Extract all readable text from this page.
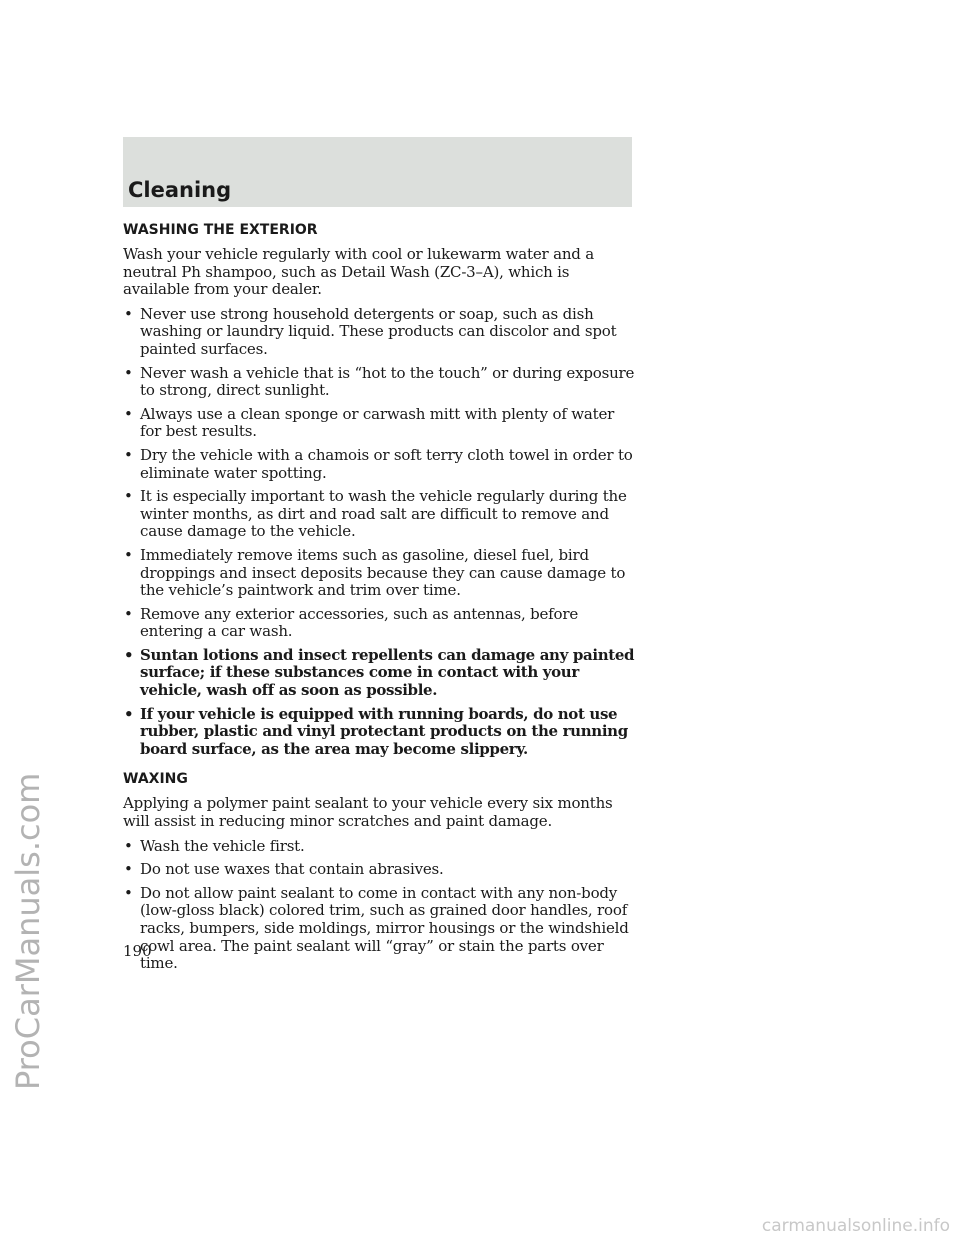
ProCarManuals.com
Cleaning
WASHING THE EXTERIOR

Wash your vehicle regularly with cool or lukewarm water and a neutral Ph shampoo, such as Detail Wash (ZC-3–A), which is available from your dealer.

• Never use strong household detergents or soap, such as dish washing or laundry liquid. These products can discolor and spot painted surfaces.
• Never wash a vehicle that is “hot to the touch” or during exposure to strong, direct sunlight.
• Always use a clean sponge or carwash mitt with plenty of water for best results.
• Dry the vehicle with a chamois or soft terry cloth towel in order to eliminate water spotting.
• It is especially important to wash the vehicle regularly during the winter months, as dirt and road salt are difficult to remove and cause damage to the vehicle.
• Immediately remove items such as gasoline, diesel fuel, bird droppings and insect deposits because they can cause damage to the vehicle’s paintwork and trim over time.
• Remove any exterior accessories, such as antennas, before entering a car wash.
• Suntan lotions and insect repellents can damage any painted surface; if these substances come in contact with your vehicle, wash off as soon as possible.
• If your vehicle is equipped with running boards, do not use rubber, plastic and vinyl protectant products on the running board surface, as the area may become slippery.
WAXING

Applying a polymer paint sealant to your vehicle every six months will assist in reducing minor scratches and paint damage.

• Wash the vehicle first.
• Do not use waxes that contain abrasives.
• Do not allow paint sealant to come in contact with any non-body (low-gloss black) colored trim, such as grained door handles, roof racks, bumpers, side moldings, mirror housings or the windshield cowl area. The paint sealant will “gray” or stain the parts over time.
190
carmanualsonline.info
